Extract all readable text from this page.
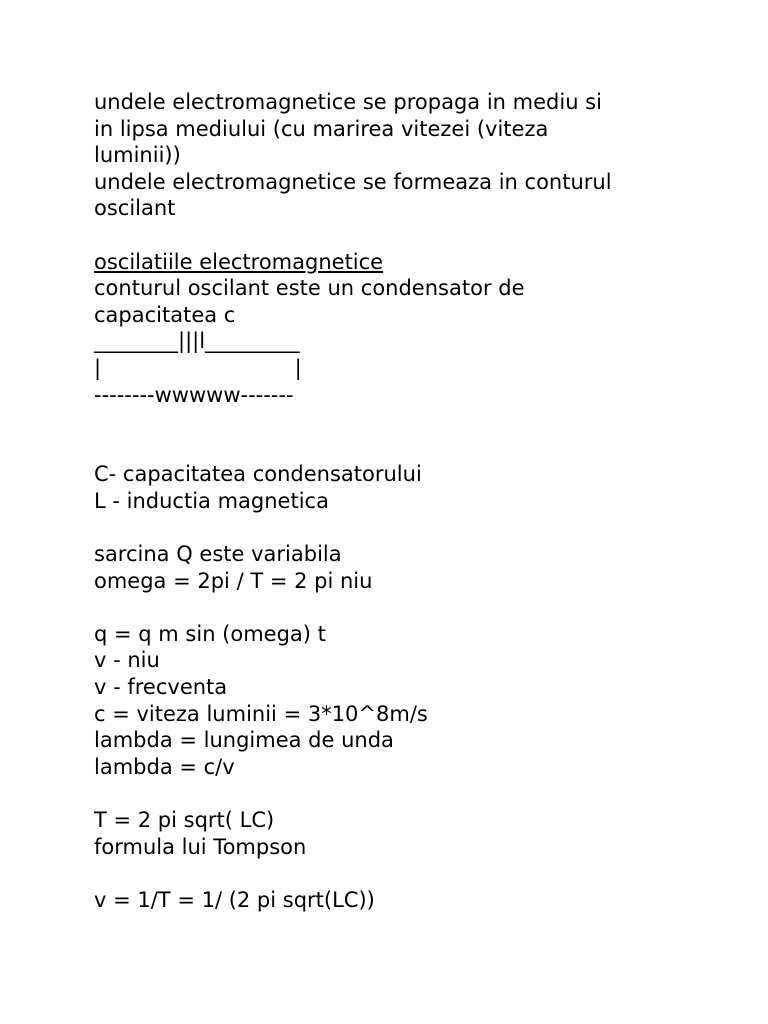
undele electromagnetice se propaga in mediu si
in lipsa mediului (cu marirea vitezei (viteza
luminii))
undele electromagnetice se formeaza in conturul
oscilant
oscilatiile electromagnetice
conturul oscilant este un condensator de
capacitatea c
________|||l_________
|                             |
--------wwwww-------
C- capacitatea condensatorului
L - inductia magnetica
sarcina Q este variabila
omega = 2pi / T = 2 pi niu
q = q m sin (omega) t
v - niu
v - frecventa
c = viteza luminii = 3*10^8m/s
lambda = lungimea de unda
lambda = c/v
T = 2 pi sqrt( LC)
formula lui Tompson
v = 1/T = 1/ (2 pi sqrt(LC))
